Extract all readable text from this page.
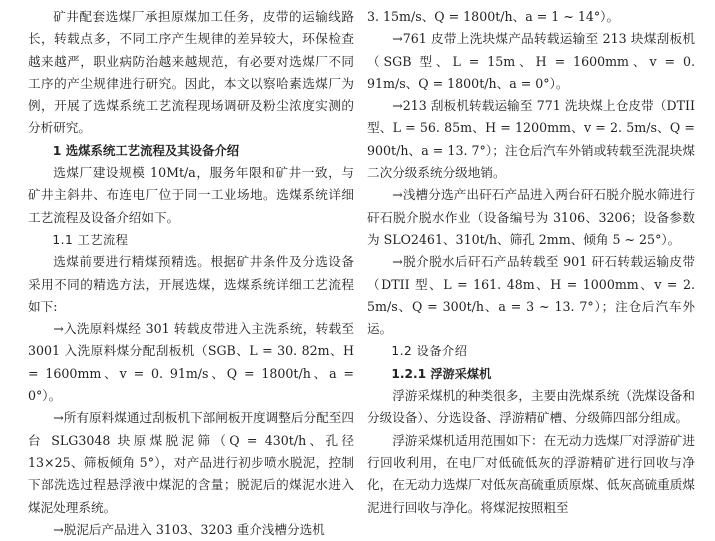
矿井配套选煤厂承担原煤加工任务，皮带的运输线路长，转载点多，不同工序产生规律的差异较大，环保检查越来越严，职业病防治越来越规范，有必要对选煤厂不同工序的产尘规律进行研究。因此，本文以察哈素选煤厂为例，开展了选煤系统工艺流程现场调研及粉尘浓度实测的分析研究。

1 选煤系统工艺流程及其设备介绍

选煤厂建设规模 10Mt/a，服务年限和矿井一致，与矿井主斜井、布连电厂位于同一工业场地。选煤系统详细工艺流程及设备介绍如下。

1.1 工艺流程

选煤前要进行精煤预精选。根据矿井条件及分选设备采用不同的精选方法，开展选煤，选煤系统详细工艺流程如下:

→入洗原料煤经 301 转载皮带进入主洗系统，转载至 3001 入洗原料煤分配刮板机（SGB、L = 30. 82m、H = 1600mm、v = 0. 91m/s、Q = 1800t/h、a = 0°）。

→所有原料煤通过刮板机下部闸板开度调整后分配至四台 SLG3048 块原煤脱泥筛（Q = 430t/h、孔径 13×25、筛板倾角 5°），对产品进行初步喷水脱泥，控制下部洗选过程悬浮液中煤泥的含量；脱泥后的煤泥水进入煤泥处理系统。

→脱泥后产品进入 3103、3203 重介浅槽分选机

3. 15m/s、Q = 1800t/h、a = 1 ~ 14°）。

→761 皮带上洗块煤产品转载运输至 213 块煤刮板机（SGB 型、L = 15m、H = 1600mm、v = 0. 91m/s、Q = 1800t/h、a = 0°）。

→213 刮板机转载运输至 771 洗块煤上仓皮带（DTII 型、L = 56. 85m、H = 1200mm、v = 2. 5m/s、Q = 900t/h、a = 13. 7°）；注仓后汽车外销或转载至洗混块煤二次分级系统分级地销。

→浅槽分选产出矸石产品进入两台矸石脱介脱水筛进行矸石脱介脱水作业（设备编号为 3106、3206；设备参数为 SLO2461、310t/h、筛孔 2mm、倾角 5 ~ 25°）。

→脱介脱水后矸石产品转载至 901 矸石转载运输皮带（DTII 型、L = 161. 48m、H = 1000mm、v = 2. 5m/s、Q = 300t/h、a = 3 ~ 13. 7°）；注仓后汽车外运。

1.2 设备介绍
1.2.1 浮游采煤机

浮游采煤机的种类很多，主要由洗煤系统（洗煤设备和分级设备）、分选设备、浮游精矿槽、分级筛四部分组成。

浮游采煤机适用范围如下：在无动力选煤厂对浮游矿进行回收利用，在电厂对低硫低灰的浮游精矿进行回收与净化，在无动力选煤厂对低灰高硫重质原煤、低灰高硫重质煤泥进行回收与净化。将煤泥按照粗至
